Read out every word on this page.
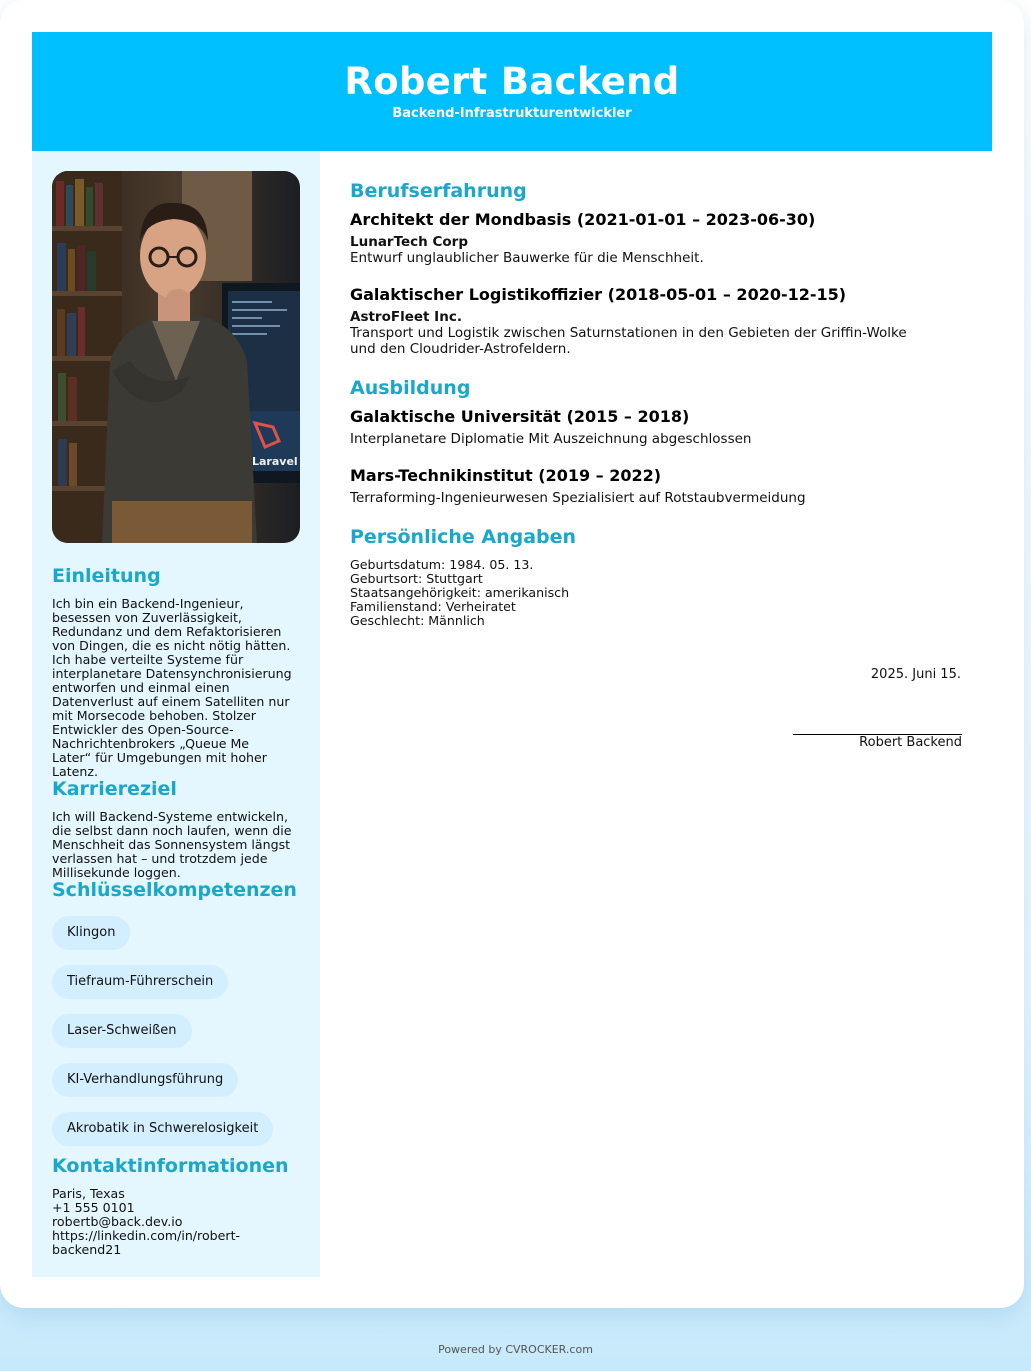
Robert Backend
Backend-Infrastrukturentwickler
Laravel
Einleitung
Ich bin ein Backend-Ingenieur,
besessen von Zuverlässigkeit,
Redundanz und dem Refaktorisieren
von Dingen, die es nicht nötig hätten.
Ich habe verteilte Systeme für
interplanetare Datensynchronisierung
entworfen und einmal einen
Datenverlust auf einem Satelliten nur
mit Morsecode behoben. Stolzer
Entwickler des Open-Source-
Nachrichtenbrokers „Queue Me
Later“ für Umgebungen mit hoher
Latenz.
Karriereziel
Ich will Backend-Systeme entwickeln,
die selbst dann noch laufen, wenn die
Menschheit das Sonnensystem längst
verlassen hat – und trotzdem jede
Millisekunde loggen.
Schlüsselkompetenzen
Klingon
Tiefraum-Führerschein
Laser-Schweißen
KI-Verhandlungsführung
Akrobatik in Schwerelosigkeit
Kontaktinformationen
Paris, Texas
+1 555 0101
robertb@back.dev.io
https://linkedin.com/in/robert-
backend21
Berufserfahrung
Architekt der Mondbasis (2021-01-01 – 2023-06-30)
LunarTech Corp
Entwurf unglaublicher Bauwerke für die Menschheit.
Galaktischer Logistikoffizier (2018-05-01 – 2020-12-15)
AstroFleet Inc.
Transport und Logistik zwischen Saturnstationen in den Gebieten der Griffin-Wolke
und den Cloudrider-Astrofeldern.
Ausbildung
Galaktische Universität (2015 – 2018)
Interplanetare Diplomatie Mit Auszeichnung abgeschlossen
Mars-Technikinstitut (2019 – 2022)
Terraforming-Ingenieurwesen Spezialisiert auf Rotstaubvermeidung
Persönliche Angaben
Geburtsdatum: 1984. 05. 13.
Geburtsort: Stuttgart
Staatsangehörigkeit: amerikanisch
Familienstand: Verheiratet
Geschlecht: Männlich
2025. Juni 15.
Robert Backend
Powered by CVROCKER.com
